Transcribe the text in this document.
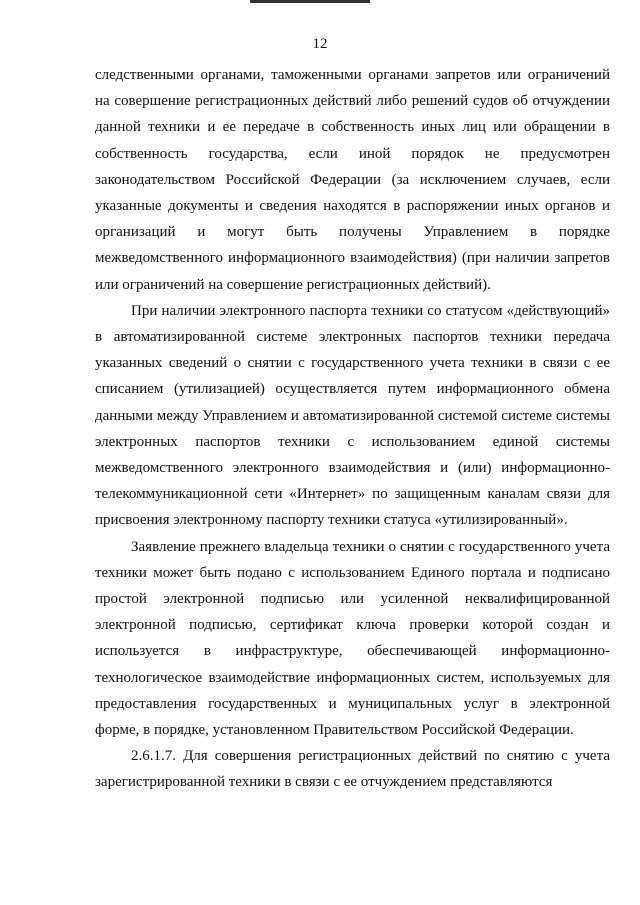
12

следственными органами, таможенными органами запретов или ограничений на совершение регистрационных действий либо решений судов об отчуждении данной техники и ее передаче в собственность иных лиц или обращении в собственность государства, если иной порядок не предусмотрен законодательством Российской Федерации (за исключением случаев, если указанные документы и сведения находятся в распоряжении иных органов и организаций и могут быть получены Управлением в порядке межведомственного информационного взаимодействия) (при наличии запретов или ограничений на совершение регистрационных действий).

При наличии электронного паспорта техники со статусом «действующий» в автоматизированной системе электронных паспортов техники передача указанных сведений о снятии с государственного учета техники в связи с ее списанием (утилизацией) осуществляется путем информационного обмена данными между Управлением и автоматизированной системой системе системы электронных паспортов техники с использованием единой системы межведомственного электронного взаимодействия и (или) информационно-телекоммуникационной сети «Интернет» по защищенным каналам связи для присвоения электронному паспорту техники статуса «утилизированный».

Заявление прежнего владельца техники о снятии с государственного учета техники может быть подано с использованием Единого портала и подписано простой электронной подписью или усиленной неквалифицированной электронной подписью, сертификат ключа проверки которой создан и используется в инфраструктуре, обеспечивающей информационно-технологическое взаимодействие информационных систем, используемых для предоставления государственных и муниципальных услуг в электронной форме, в порядке, установленном Правительством Российской Федерации.

2.6.1.7. Для совершения регистрационных действий по снятию с учета зарегистрированной техники в связи с ее отчуждением представляются
